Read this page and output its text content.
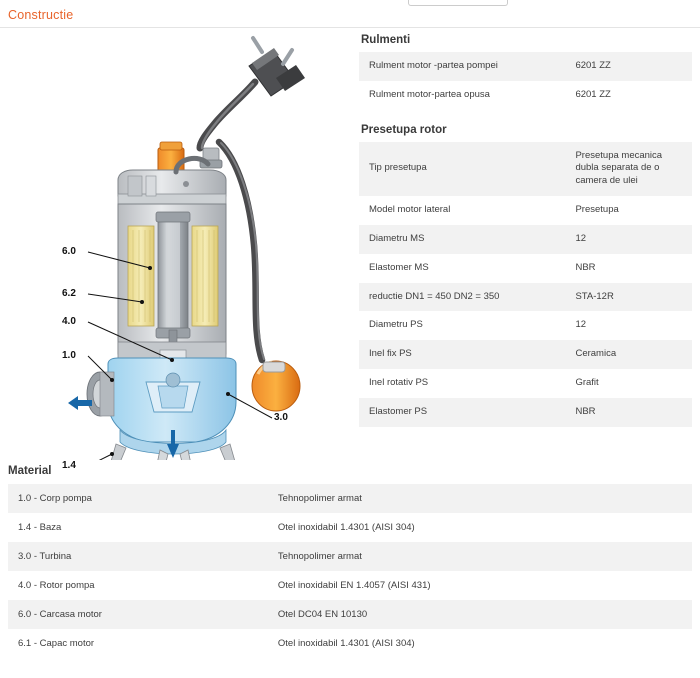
Constructie
6.0
6.2
4.0
1.0
1.4
3.0
Rulmenti
Rulment motor -partea pompei	6201 ZZ
Rulment motor-partea opusa	6201 ZZ
Presetupa rotor
Tip presetupa	Presetupa mecanica dubla separata de o camera de ulei
Model motor lateral	Presetupa
Diametru MS	12
Elastomer MS	NBR
reductie DN1 = 450 DN2 = 350	STA-12R
Diametru PS	12
Inel fix PS	Ceramica
Inel rotativ PS	Grafit
Elastomer PS	NBR
Material
1.0 - Corp pompa	Tehnopolimer armat
1.4 - Baza	Otel inoxidabil 1.4301 (AISI 304)
3.0 - Turbina	Tehnopolimer armat
4.0 - Rotor pompa	Otel inoxidabil EN 1.4057 (AISI 431)
6.0 - Carcasa motor	Otel DC04 EN 10130
6.1 - Capac motor	Otel inoxidabil 1.4301 (AISI 304)
